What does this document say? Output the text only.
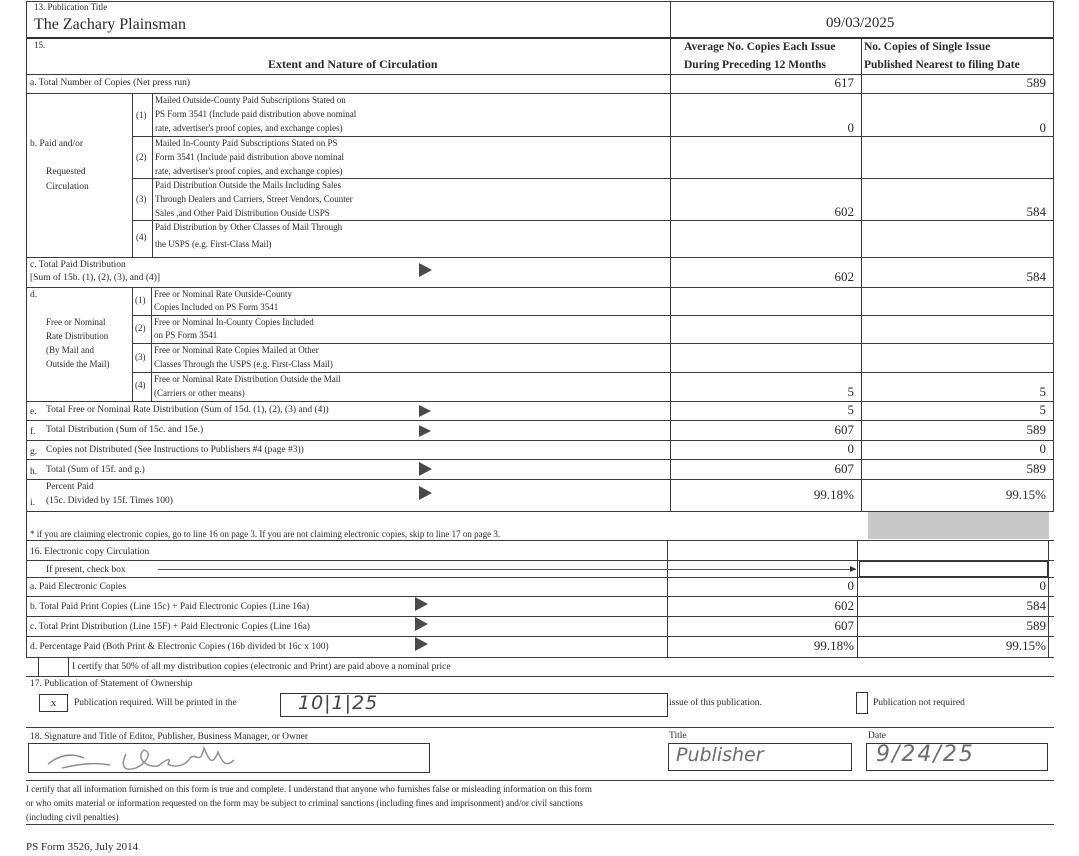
13. Publication Title
The Zachary Plainsman	09/03/2025
15.
Extent and Nature of Circulation
Average No. Copies Each Issue
During Preceding 12 Months
No. Copies of Single Issue
Published Nearest to filing Date
a. Total Number of Copies (Net press run)	617	589
b. Paid and/or
Requested
Circulation
(1)
Mailed Outside-County Paid Subscriptions Stated on
PS Form 3541 (Include paid distribution above nominal
rate, advertiser's proof copies, and exchange copies)	0	0
(2)
Mailed In-County Paid Subscriptions Stated on PS
Form 3541 (Include paid distribution above nominal
rate, advertiser's proof copies, and exchange copies)
(3)
Paid Distribution Outside the Mails Including Sales
Through Dealers and Carriers, Street Vendors, Counter
Sales ,and Other Paid Distribution Ouside USPS	602	584
(4)
Paid Distribution by Other Classes of Mail Through
the USPS (e.g. First-Class Mail)
c. Total Paid Distribution
[Sum of 15b. (1), (2), (3), and (4)]	602	584
d.
Free or Nominal
Rate Distribution
(By Mail and
Outside the Mail)
(1)
Free or Nominal Rate Outside-County
Copies Included on PS Form 3541
(2)
Free or Nominal In-County Copies Included
on PS Form 3541
(3)
Free or Nominal Rate Copies Mailed at Other
Classes Through the USPS (e.g. First-Class Mail)
(4)
Free or Nominal Rate Distribution Outside the Mail
(Carriers or other means)	5	5
e. Total Free or Nominal Rate Distribution (Sum of 15d. (1), (2), (3) and (4))	5	5
f. Total Distribution (Sum of 15c. and 15e.)	607	589
g. Copies not Distributed (See Instructions to Publishers #4 (page #3))	0	0
h. Total (Sum of 15f. and g.)	607	589
Percent Paid
i. (15c. Divided by 15f. Times 100)	99.18%	99.15%
* if you are claiming electronic copies, go to line 16 on page 3. If you are not claiming electronic copies, skip to line 17 on page 3.
16. Electronic copy Circulation
If present, check box
a. Paid Electronic Copies	0	0
b. Total Paid Print Copies (Line 15c) + Paid Electronic Copies (Line 16a)	602	584
c. Total Print Distribution (Line 15F) + Paid Electronic Copies (Line 16a)	607	589
d. Percentage Paid (Both Print & Electronic Copies (16b divided bt 16c x 100)	99.18%	99.15%
I certify that 50% of all my distribution copies (electronic and Print) are paid above a nominal price
17. Publication of Statement of Ownership
x	Publication required. Will be printed in the	10|1|25	issue of this publication.	Publication not required
18. Signature and Title of Editor, Publisher, Business Manager, or Owner	Title
Publisher
Date
9/24/25
I certify that all information furnished on this form is true and complete. I understand that anyone who furnishes false or misleading information on this form
or who omits material or information requested on the form may be subject to criminal sanctions (including fines and imprisonment) and/or civil sanctions
(including civil penalties)
PS Form 3526, July 2014
